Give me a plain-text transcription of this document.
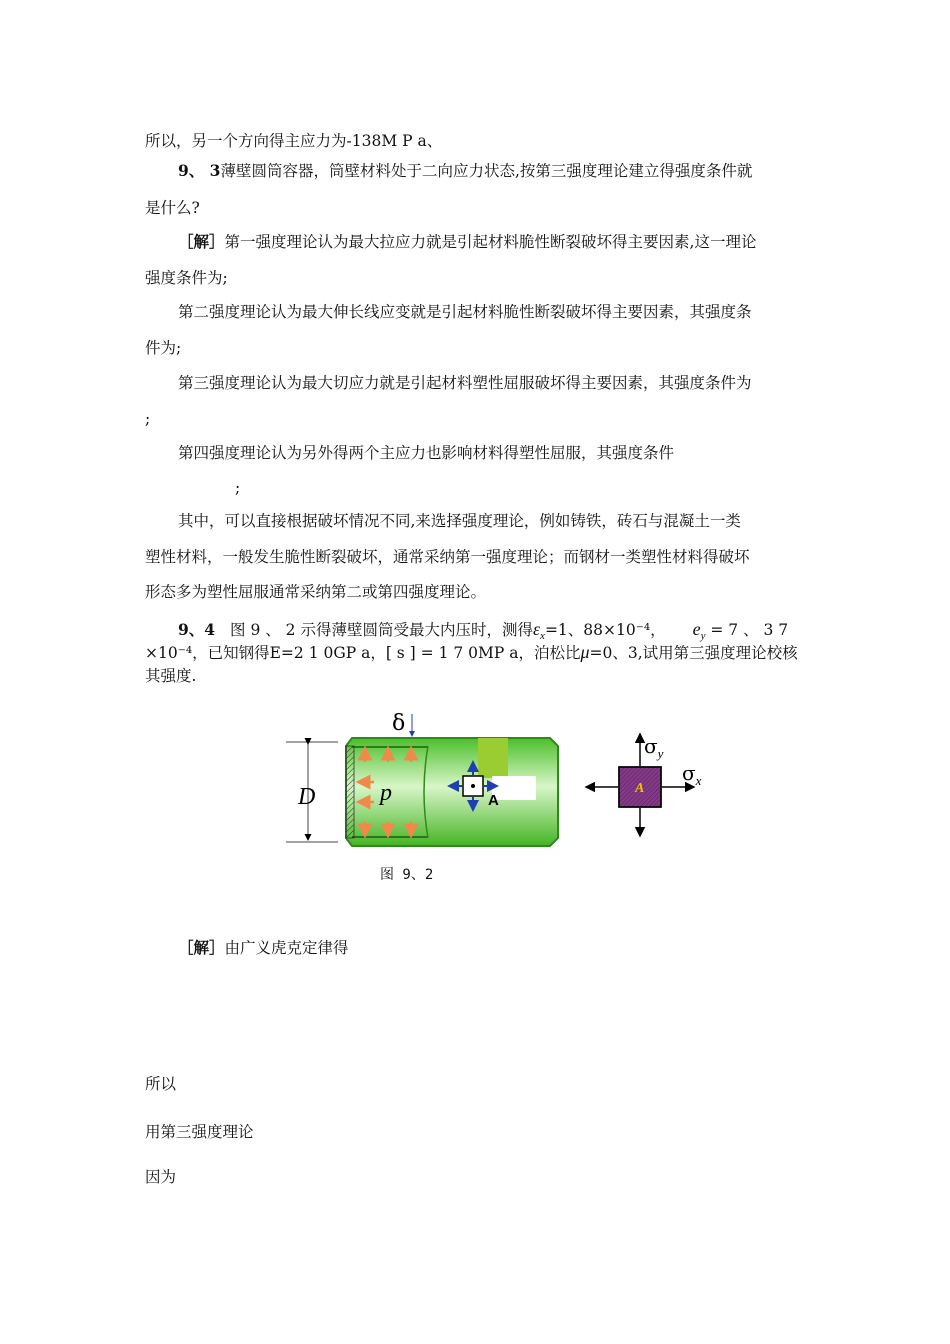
所以，另一个方向得主应力为-138M P a、
9、 3薄壁圆筒容器，筒壁材料处于二向应力状态,按第三强度理论建立得强度条件就
是什么?
［解］第一强度理论认为最大拉应力就是引起材料脆性断裂破坏得主要因素,这一理论
强度条件为;
第二强度理论认为最大伸长线应变就是引起材料脆性断裂破坏得主要因素，其强度条
件为;
第三强度理论认为最大切应力就是引起材料塑性屈服破坏得主要因素，其强度条件为
;
第四强度理论认为另外得两个主应力也影响材料得塑性屈服，其强度条件
;
其中，可以直接根据破坏情况不同,来选择强度理论，例如铸铁，砖石与混凝土一类
塑性材料，一般发生脆性断裂破坏，通常采纳第一强度理论；而钢材一类塑性材料得破坏
形态多为塑性屈服通常采纳第二或第四强度理论。
9、4 图 9 、 2 示得薄壁圆筒受最大内压时，测得$\varepsilon_x=1$、88×10⁻⁴， $e_y = 7$ 、 3 7
×10⁻⁴，已知钢得E=2 1 0GP a，[ s ] = 1 7 0MP a，泊松比μ=0、3,试用第三强度理论校核
其强度.
D
δ
p	A
A
$\sigma_y$
$\sigma_x$
图 9、2
［解］由广义虎克定律得
所以
用第三强度理论
因为
